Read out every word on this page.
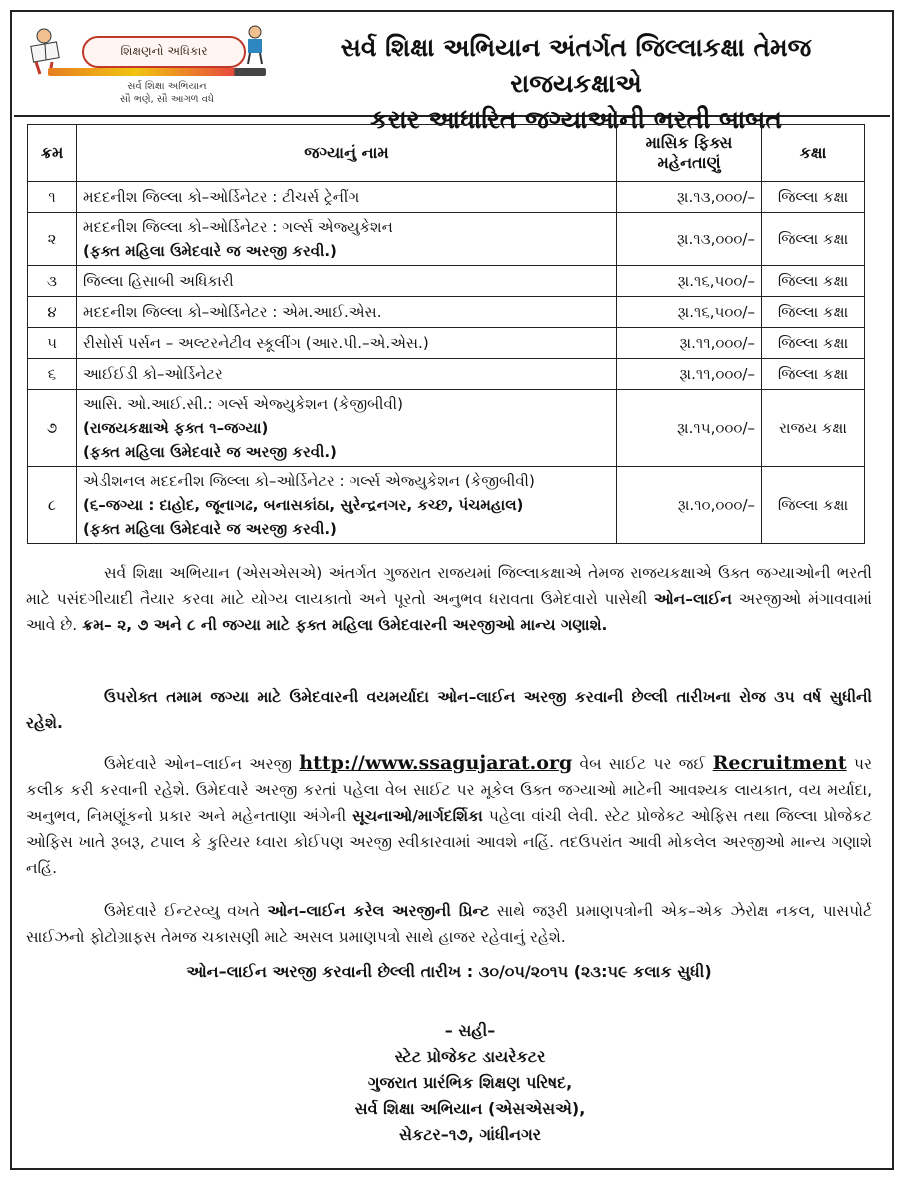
શિક્ષણનો અધિકાર
સર્વ શિક્ષા અભિયાન
સૌ ભણે, સૌ આગળ વધે
સર્વ શિક્ષા અભિયાન અંતર્ગત જિલ્લાકક્ષા તેમજ રાજયકક્ષાએ
કરાર આધારિત જગ્યાઓની ભરતી બાબત
ક્રમ	જગ્યાનું નામ	માસિક ફિક્સ મહેનતાણું	કક્ષા
૧	મદદનીશ જિલ્લા કો–ઓર્ડિનેટર : ટીચર્સ ટ્રેનીંગ	રૂા.૧૩,૦૦૦/–	જિલ્લા કક્ષા
૨	મદદનીશ જિલ્લા કો–ઓર્ડિનેટર : ગર્લ્સ એજ્યુકેશન
(ફક્ત મહિલા ઉમેદવારે જ અરજી કરવી.)	રૂા.૧૩,૦૦૦/–	જિલ્લા કક્ષા
૩	જિલ્લા હિસાબી અધિકારી	રૂા.૧૬,૫૦૦/–	જિલ્લા કક્ષા
૪	મદદનીશ જિલ્લા કો–ઓર્ડિનેટર : એમ.આઈ.એસ.	રૂા.૧૬,૫૦૦/–	જિલ્લા કક્ષા
૫	રીસોર્સ પર્સન – અલ્ટરનેટીવ સ્કૂલીંગ (આર.પી.–એ.એસ.)	રૂા.૧૧,૦૦૦/–	જિલ્લા કક્ષા
૬	આઈઈડી કો–ઓર્ડિનેટર	રૂા.૧૧,૦૦૦/–	જિલ્લા કક્ષા
૭	આસિ. ઓ.આઈ.સી.: ગર્લ્સ એજ્યુકેશન (કેજીબીવી)
(રાજયકક્ષાએ ફક્ત ૧–જગ્યા)
(ફક્ત મહિલા ઉમેદવારે જ અરજી કરવી.)	રૂા.૧૫,૦૦૦/–	રાજય કક્ષા
૮	એડીશનલ મદદનીશ જિલ્લા કો–ઓર્ડિનેટર : ગર્લ્સ એજ્યુકેશન (કેજીબીવી)
(૬–જગ્યા : દાહોદ, જૂનાગઢ, બનાસકાંઠા, સુરેન્દ્રનગર, કચ્છ, પંચમહાલ)
(ફક્ત મહિલા ઉમેદવારે જ અરજી કરવી.)	રૂા.૧૦,૦૦૦/–	જિલ્લા કક્ષા
સર્વ શિક્ષા અભિયાન (એસએસએ) અંતર્ગત ગુજરાત રાજયમાં જિલ્લાકક્ષાએ તેમજ રાજયકક્ષાએ ઉક્ત જગ્યાઓની ભરતી માટે પસંદગીયાદી તૈયાર કરવા માટે યોગ્ય લાયકાતો અને પૂરતો અનુભવ ધરાવતા ઉમેદવારો પાસેથી ઓન–લાઈન અરજીઓ મંગાવવામાં આવે છે. ક્રમ– ૨, ૭ અને ૮ ની જગ્યા માટે ફક્ત મહિલા ઉમેદવારની અરજીઓ માન્ય ગણાશે.
ઉપરોક્ત તમામ જગ્યા માટે ઉમેદવારની વયમર્યાદા ઓન–લાઈન અરજી કરવાની છેલ્લી તારીખના રોજ ૩૫ વર્ષ સુધીની રહેશે.
ઉમેદવારે ઓન–લાઈન અરજી http://www.ssagujarat.org વેબ સાઈટ પર જઈ Recruitment પર કલીક કરી કરવાની રહેશે. ઉમેદવારે અરજી કરતાં પહેલા વેબ સાઈટ પર મૂકેલ ઉક્ત જગ્યાઓ માટેની આવશ્યક લાયકાત, વય મર્યાદા, અનુભવ, નિમણૂંકનો પ્રકાર અને મહેનતાણા અંગેની સૂચનાઓ/માર્ગદર્શિકા પહેલા વાંચી લેવી. સ્ટેટ પ્રોજેકટ ઓફિસ તથા જિલ્લા પ્રોજેકટ ઓફિસ ખાતે રૂબરૂ, ટપાલ કે કુરિયર ધ્વારા કોઈપણ અરજી સ્વીકારવામાં આવશે નહિં. તદઉપરાંત આવી મોકલેલ અરજીઓ માન્ય ગણાશે નહિં.
ઉમેદવારે ઈન્ટરવ્યુ વખતે ઓન–લાઈન કરેલ અરજીની પ્રિન્ટ સાથે જરૂરી પ્રમાણપત્રોની એક–એક ઝેરોક્ષ નકલ, પાસપોર્ટ સાઈઝનો ફોટોગ્રાફસ તેમજ ચકાસણી માટે અસલ પ્રમાણપત્રો સાથે હાજર રહેવાનું રહેશે.
ઓન–લાઈન અરજી કરવાની છેલ્લી તારીખ : ૩૦/૦૫/૨૦૧૫ (૨૩:૫૯ કલાક સુધી)
– સહી–
સ્ટેટ પ્રોજેકટ ડાયરેકટર
ગુજરાત પ્રારંભિક શિક્ષણ પરિષદ,
સર્વ શિક્ષા અભિયાન (એસએસએ),
સેકટર–૧૭, ગાંધીનગર
